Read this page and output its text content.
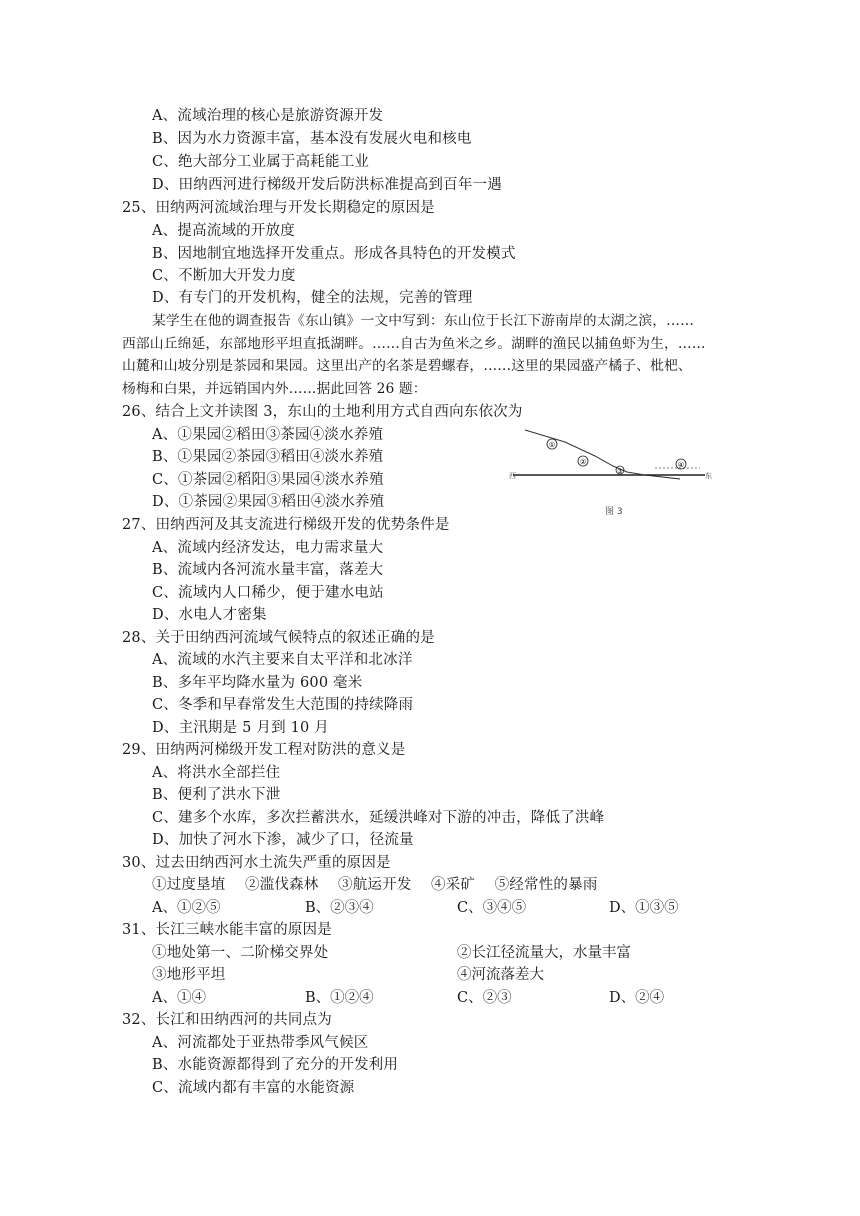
A、流域治理的核心是旅游资源开发
B、因为水力资源丰富，基本没有发展火电和核电
C、绝大部分工业属于高耗能工业
D、田纳西河进行梯级开发后防洪标准提高到百年一遇
25、田纳两河流域治理与开发长期稳定的原因是
A、提高流域的开放度
B、因地制宜地选择开发重点。形成各具特色的开发模式
C、不断加大开发力度
D、有专门的开发机构，健全的法规，完善的管理
某学生在他的调查报告《东山镇》一文中写到：东山位于长江下游南岸的太湖之滨，……
西部山丘绵延，东部地形平坦直抵湖畔。……自古为鱼米之乡。湖畔的渔民以捕鱼虾为生，……
山麓和山坡分别是茶园和果园。这里出产的名茶是碧螺春，……这里的果园盛产橘子、枇杷、
杨梅和白果，并远销国内外……据此回答 26 题：
26、结合上文并读图 3，东山的土地利用方式自西向东依次为
A、①果园②稻田③茶园④淡水养殖
B、①果园②茶园③稻田④淡水养殖
C、①茶园②稻阳③果园④淡水养殖
D、①茶园②果园③稻田④淡水养殖
①
②
③
④
西	东
图 3
27、田纳西河及其支流进行梯级开发的优势条件是
A、流域内经济发达，电力需求量大
B、流域内各河流水量丰富，落差大
C、流域内人口稀少，便于建水电站
D、水电人才密集
28、关于田纳西河流域气候特点的叙述正确的是
A、流域的水汽主要来自太平洋和北冰洋
B、多年平均降水量为 600 毫米
C、冬季和早春常发生大范围的持续降雨
D、主汛期是 5 月到 10 月
29、田纳两河梯级开发工程对防洪的意义是
A、将洪水全部拦住
B、便利了洪水下泄
C、建多个水库，多次拦蓄洪水，延缓洪峰对下游的冲击，降低了洪峰
D、加快了河水下渗，减少了口，径流量
30、过去田纳西河水土流失严重的原因是
①过度垦埴　 ②滥伐森林　 ③航运开发　 ④采矿　 ⑤经常性的暴雨
A、①②⑤	B、②③④	C、③④⑤	D、①③⑤
31、长江三峡水能丰富的原因是
①地处第一、二阶梯交界处	②长江径流量大，水量丰富
③地形平坦	④河流落差大
A、①④	B、①②④	C、②③	D、②④
32、长江和田纳西河的共同点为
A、河流都处于亚热带季风气候区
B、水能资源都得到了充分的开发利用
C、流域内都有丰富的水能资源
